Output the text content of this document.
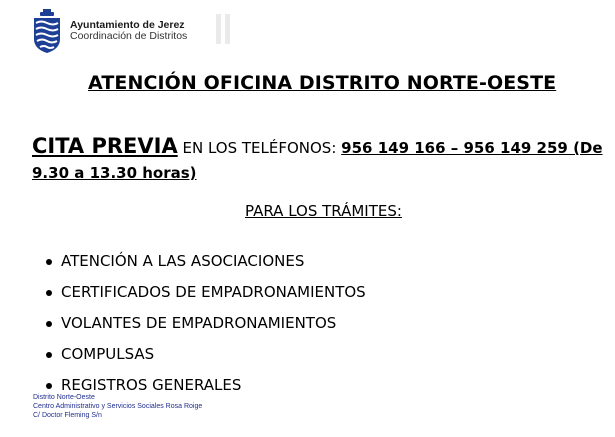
Ayuntamiento de Jerez
Coordinación de Distritos
ATENCIÓN OFICINA DISTRITO NORTE-OESTE
CITA PREVIA EN LOS TELÉFONOS: 956 149 166 – 956 149 259 (De
9.30 a 13.30 horas)
PARA LOS TRÁMITES:
ATENCIÓN A LAS ASOCIACIONES
CERTIFICADOS DE EMPADRONAMIENTOS
VOLANTES DE EMPADRONAMIENTOS
COMPULSAS
REGISTROS GENERALES
Distrito Norte-Oeste
Centro Administrativo y Servicios Sociales Rosa Roige
C/ Doctor Fleming S/n
